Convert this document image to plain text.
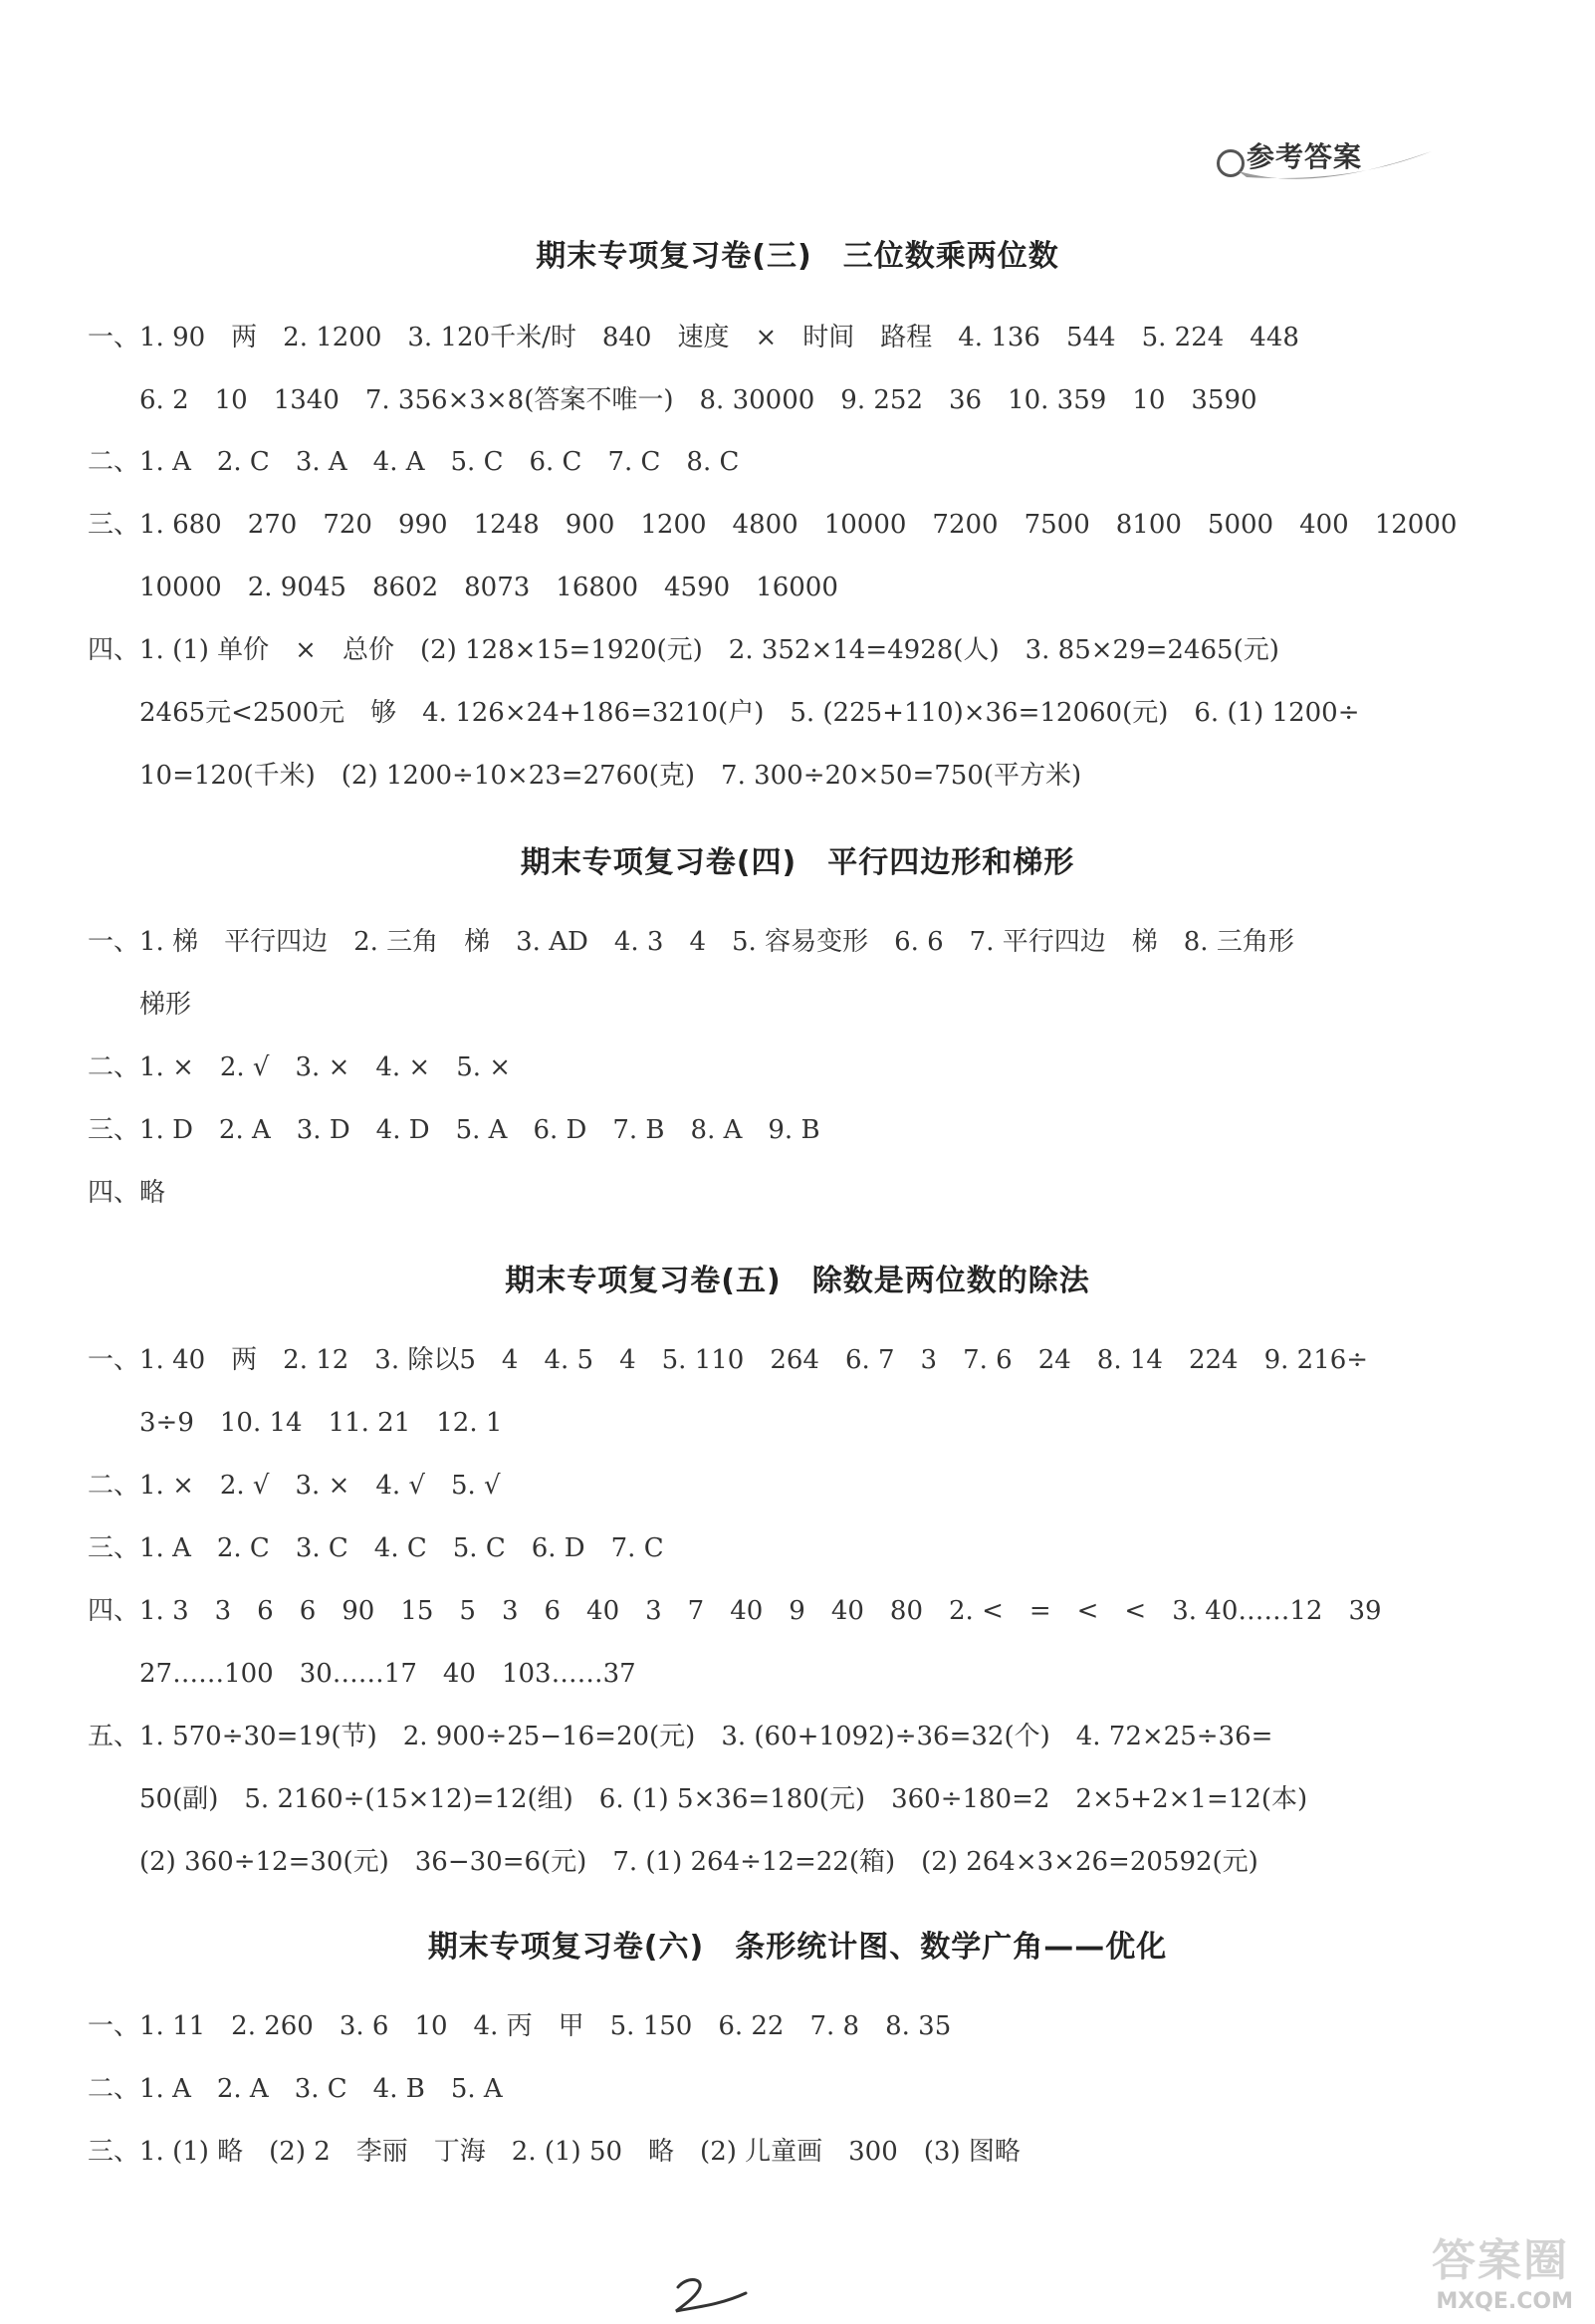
参考答案
期末专项复习卷(三)　三位数乘两位数
一、1. 90　两　2. 1200　3. 120千米/时　840　速度　×　时间　路程　4. 136　544　5. 224　448
　　6. 2　10　1340　7. 356×3×8(答案不唯一)　8. 30000　9. 252　36　10. 359　10　3590
二、1. A　2. C　3. A　4. A　5. C　6. C　7. C　8. C
三、1. 680　270　720　990　1248　900　1200　4800　10000　7200　7500　8100　5000　400　12000
　　10000　2. 9045　8602　8073　16800　4590　16000
四、1. (1) 单价　×　总价　(2) 128×15=1920(元)　2. 352×14=4928(人)　3. 85×29=2465(元)
　　2465元<2500元　够　4. 126×24+186=3210(户)　5. (225+110)×36=12060(元)　6. (1) 1200÷
　　10=120(千米)　(2) 1200÷10×23=2760(克)　7. 300÷20×50=750(平方米)
期末专项复习卷(四)　平行四边形和梯形
一、1. 梯　平行四边　2. 三角　梯　3. AD　4. 3　4　5. 容易变形　6. 6　7. 平行四边　梯　8. 三角形
　　梯形
二、1. ×　2. √　3. ×　4. ×　5. ×
三、1. D　2. A　3. D　4. D　5. A　6. D　7. B　8. A　9. B
四、略
期末专项复习卷(五)　除数是两位数的除法
一、1. 40　两　2. 12　3. 除以5　4　4. 5　4　5. 110　264　6. 7　3　7. 6　24　8. 14　224　9. 216÷
　　3÷9　10. 14　11. 21　12. 1
二、1. ×　2. √　3. ×　4. √　5. √
三、1. A　2. C　3. C　4. C　5. C　6. D　7. C
四、1. 3　3　6　6　90　15　5　3　6　40　3　7　40　9　40　80　2. <　=　<　<　3. 40……12　39
　　27……100　30……17　40　103……37
五、1. 570÷30=19(节)　2. 900÷25−16=20(元)　3. (60+1092)÷36=32(个)　4. 72×25÷36=
　　50(副)　5. 2160÷(15×12)=12(组)　6. (1) 5×36=180(元)　360÷180=2　2×5+2×1=12(本)
　　(2) 360÷12=30(元)　36−30=6(元)　7. (1) 264÷12=22(箱)　(2) 264×3×26=20592(元)
期末专项复习卷(六)　条形统计图、数学广角——优化
一、1. 11　2. 260　3. 6　10　4. 丙　甲　5. 150　6. 22　7. 8　8. 35
二、1. A　2. A　3. C　4. B　5. A
三、1. (1) 略　(2) 2　李丽　丁海　2. (1) 50　略　(2) 儿童画　300　(3) 图略
答案圈
MXQE.COM
